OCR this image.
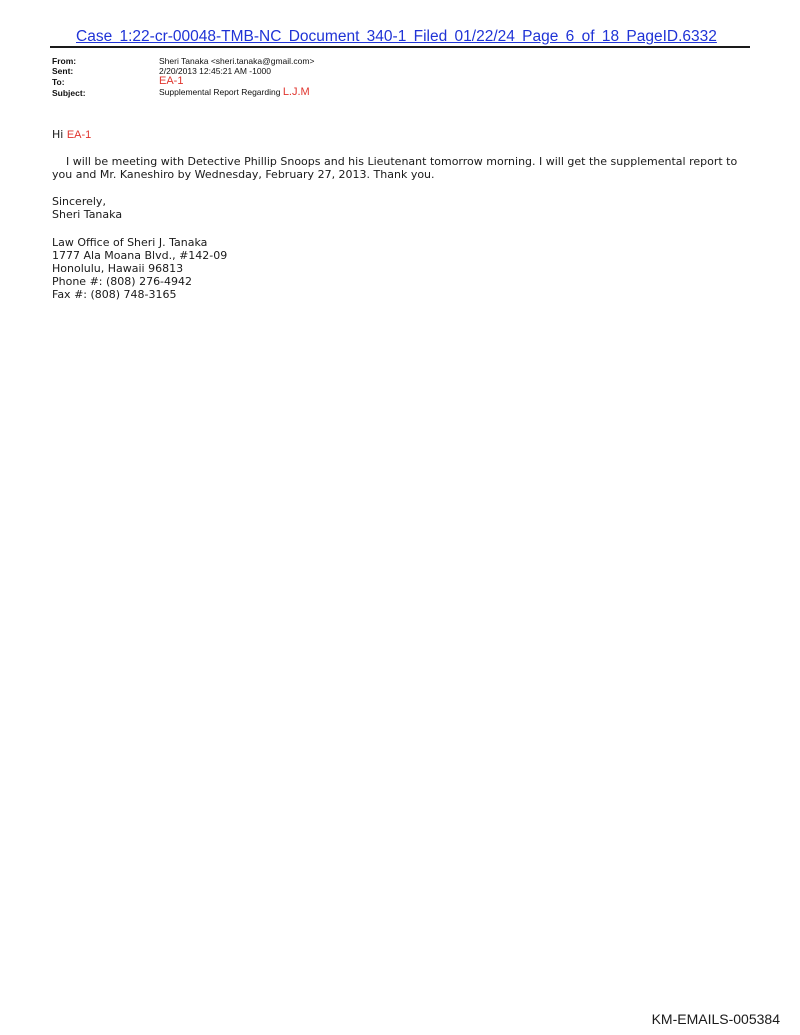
Case 1:22-cr-00048-TMB-NC Document 340-1 Filed 01/22/24 Page 6 of 18 PageID.6332
From:	Sheri Tanaka <sheri.tanaka@gmail.com>
Sent:	2/20/2013 12:45:21 AM -1000
To:	EA-1
Subject:	Supplemental Report Regarding L.J.M
Hi EA-1
I will be meeting with Detective Phillip Snoops and his Lieutenant tomorrow morning. I will get the supplemental report to you and Mr. Kaneshiro by Wednesday, February 27, 2013. Thank you.
Sincerely,
Sheri Tanaka
Law Office of Sheri J. Tanaka
1777 Ala Moana Blvd., #142-09
Honolulu, Hawaii 96813
Phone #: (808) 276-4942
Fax #: (808) 748-3165
KM-EMAILS-005384
